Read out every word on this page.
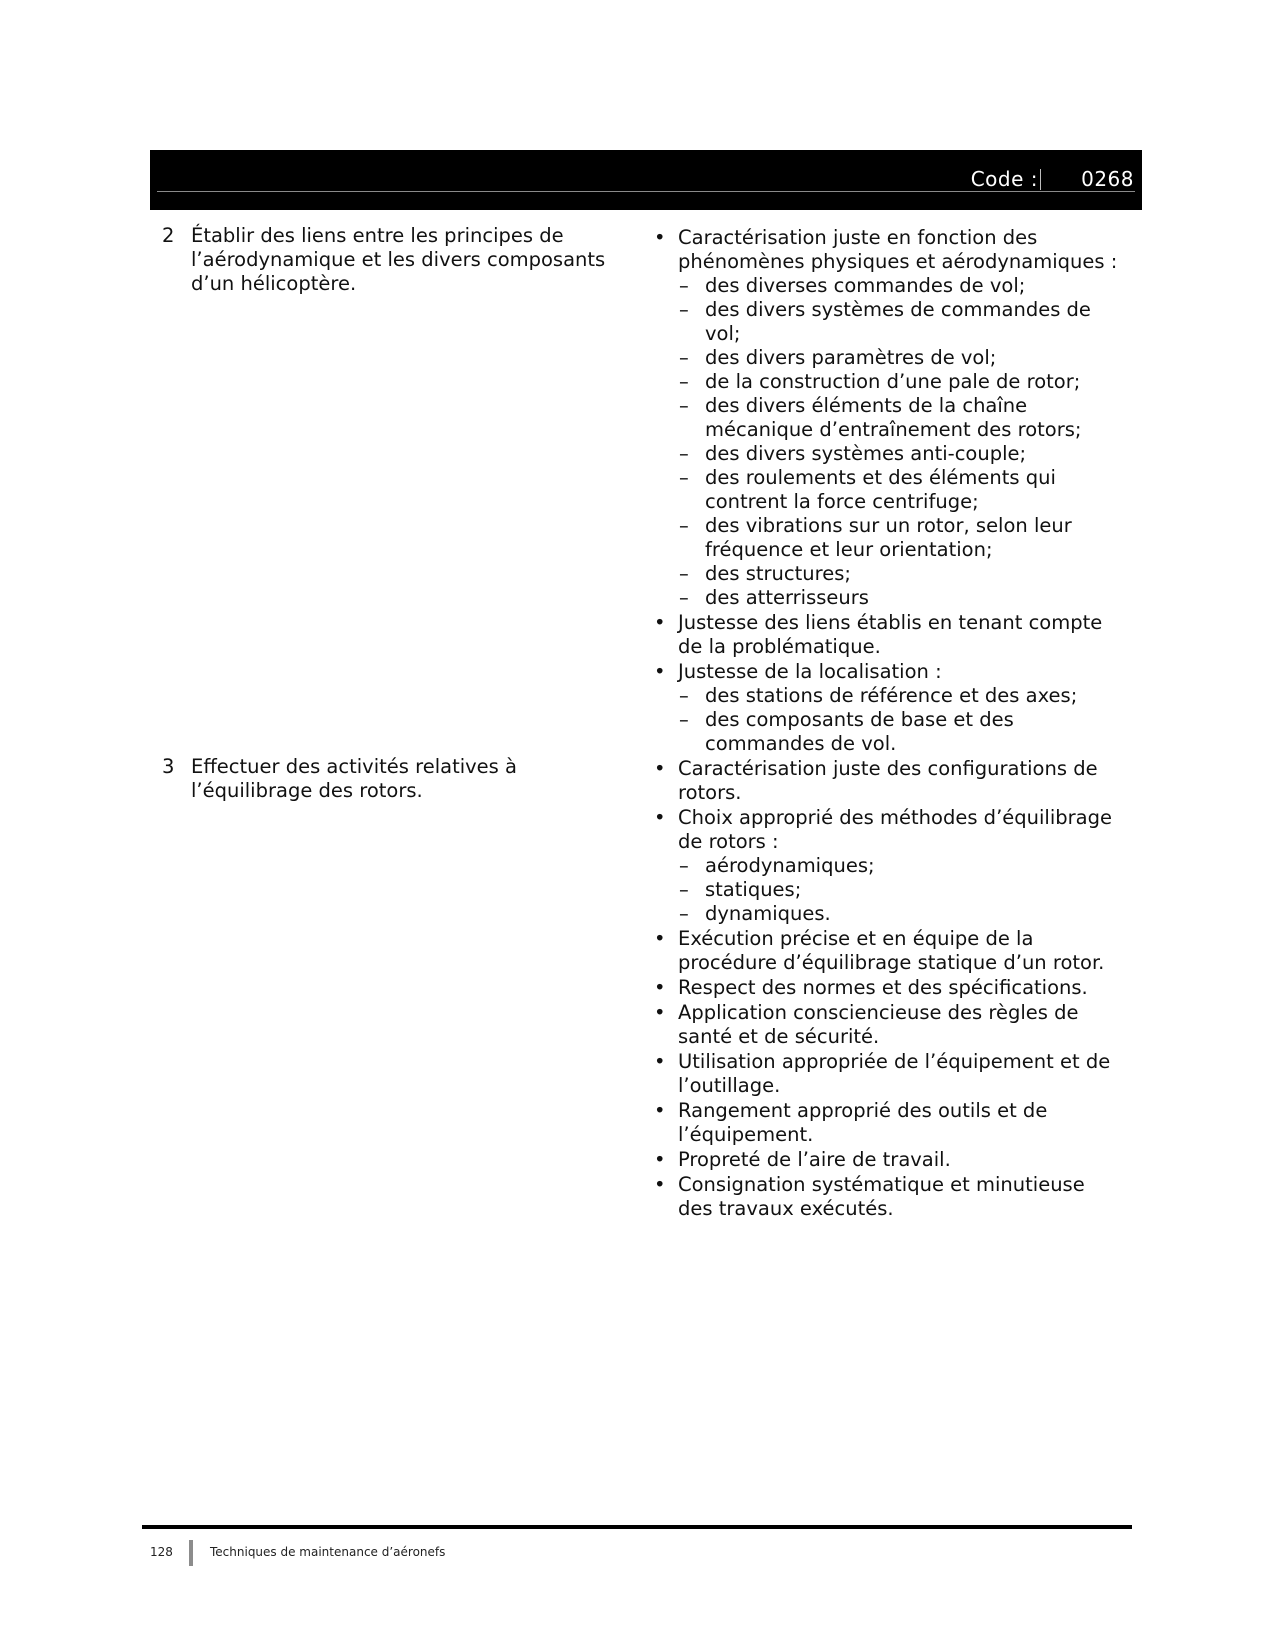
Code : 0268
2 Établir des liens entre les principes de l’aérodynamique et les divers composants d’un hélicoptère.
• Caractérisation juste en fonction des phénomènes physiques et aérodynamiques :
– des diverses commandes de vol;
– des divers systèmes de commandes de vol;
– des divers paramètres de vol;
– de la construction d’une pale de rotor;
– des divers éléments de la chaîne mécanique d’entraînement des rotors;
– des divers systèmes anti-couple;
– des roulements et des éléments qui contrent la force centrifuge;
– des vibrations sur un rotor, selon leur fréquence et leur orientation;
– des structures;
– des atterrisseurs
• Justesse des liens établis en tenant compte de la problématique.
• Justesse de la localisation :
– des stations de référence et des axes;
– des composants de base et des commandes de vol.
3 Effectuer des activités relatives à l’équilibrage des rotors.
• Caractérisation juste des configurations de rotors.
• Choix approprié des méthodes d’équilibrage de rotors :
– aérodynamiques;
– statiques;
– dynamiques.
• Exécution précise et en équipe de la procédure d’équilibrage statique d’un rotor.
• Respect des normes et des spécifications.
• Application consciencieuse des règles de santé et de sécurité.
• Utilisation appropriée de l’équipement et de l’outillage.
• Rangement approprié des outils et de l’équipement.
• Propreté de l’aire de travail.
• Consignation systématique et minutieuse des travaux exécutés.
128	Techniques de maintenance d’aéronefs
